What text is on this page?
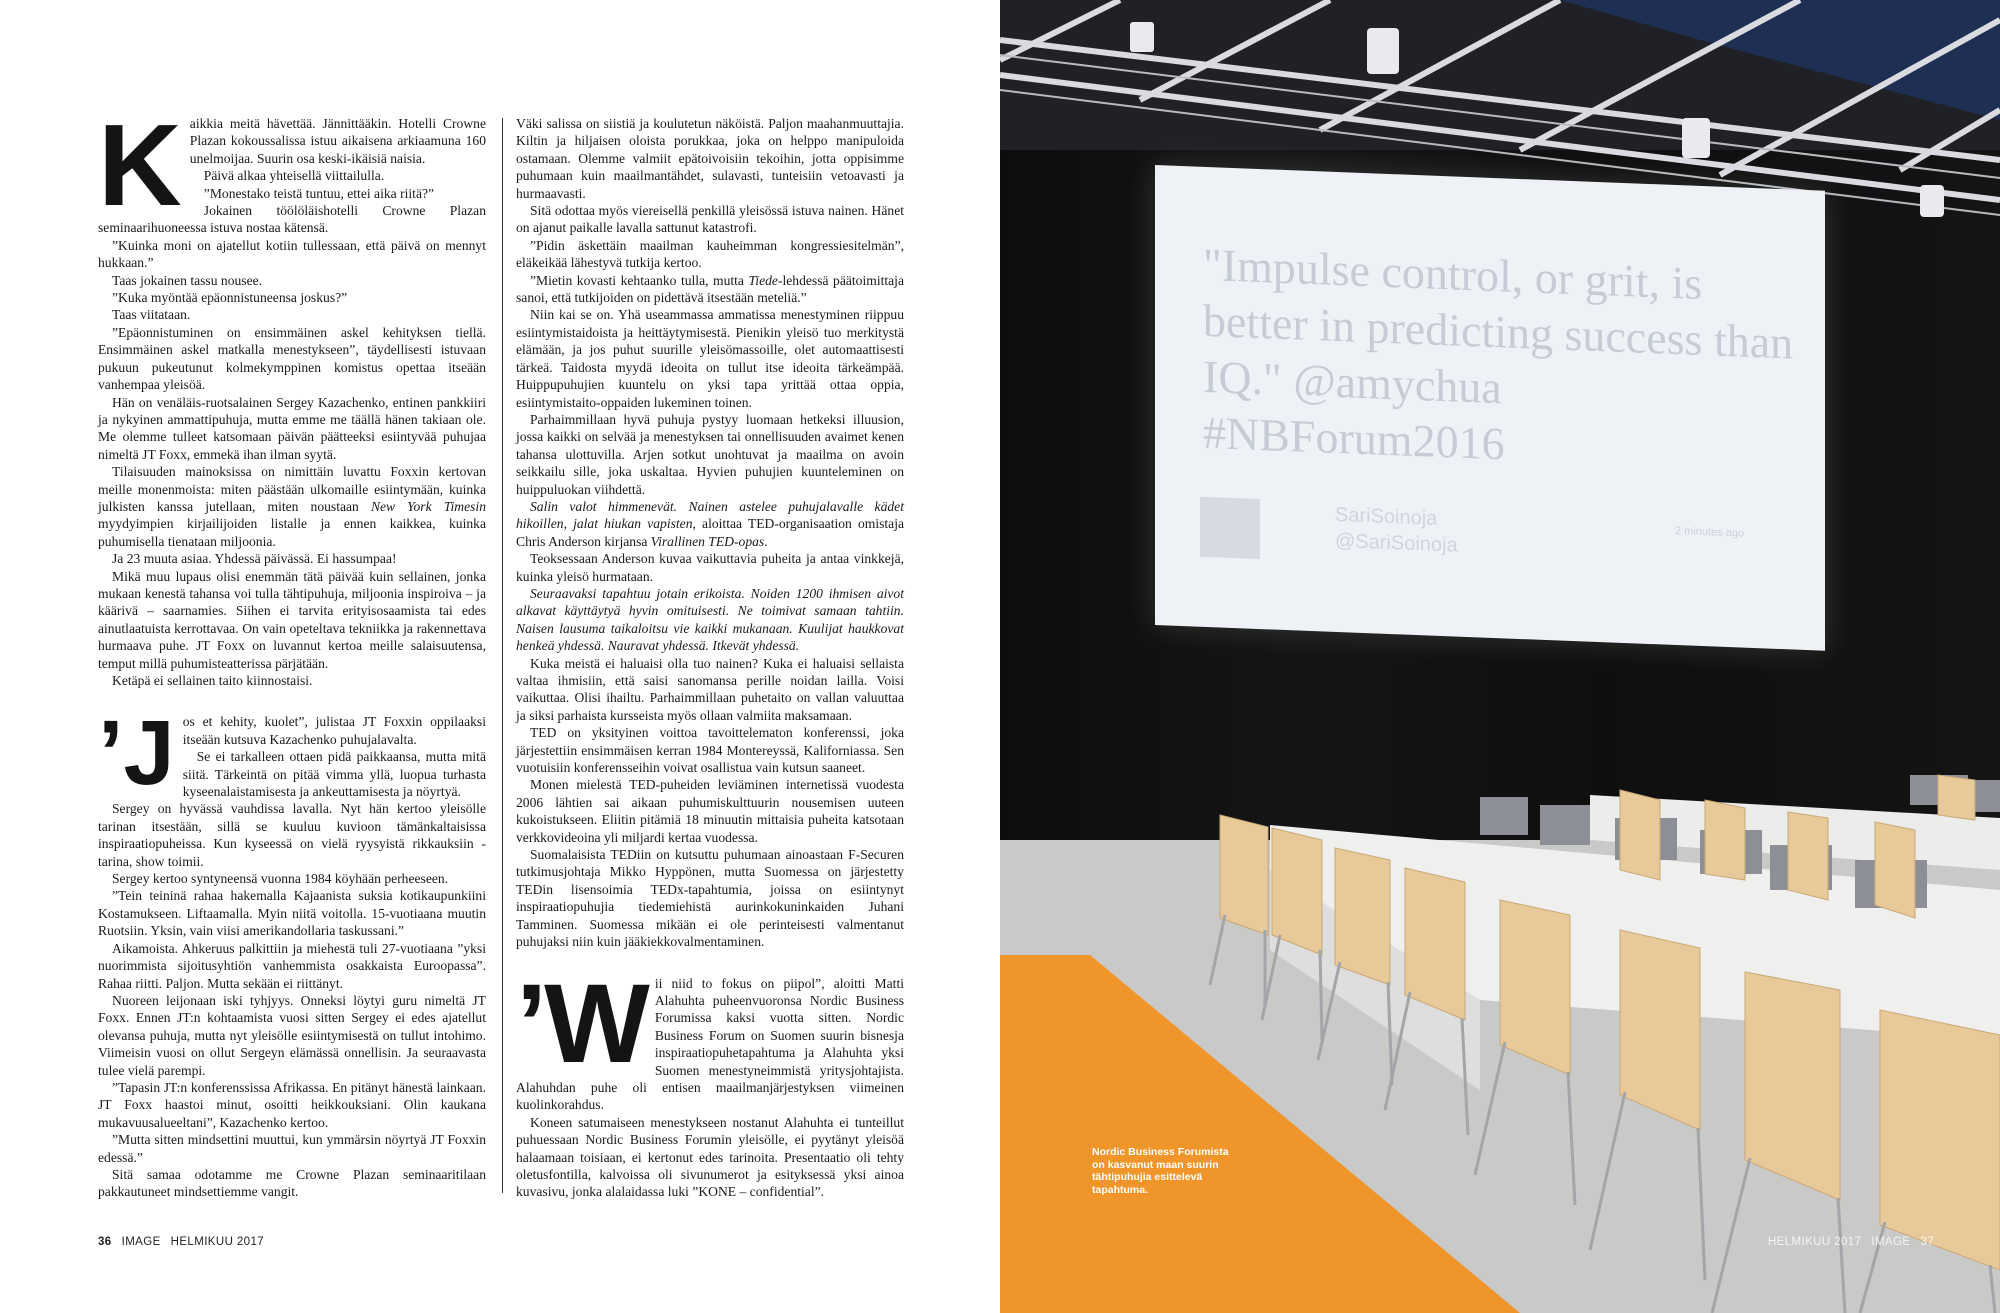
K aikkia meitä hävettää. Jännittääkin. Hotelli Crowne Plazan kokoussalissa istuu aikaisena arkiaamuna 160 unelmoijaa. Suurin osa keski-ikäisiä naisia.

Päivä alkaa yhteisellä viittailulla.

”Monestako teistä tuntuu, ettei aika riitä?”

Jokainen töölöläishotelli Crowne Plazan seminaarihuoneessa istuva nostaa kätensä.

”Kuinka moni on ajatellut kotiin tullessaan, että päivä on mennyt hukkaan.”

Taas jokainen tassu nousee.

”Kuka myöntää epäonnistuneensa joskus?”

Taas viitataan.

”Epäonnistuminen on ensimmäinen askel kehityksen tiellä. Ensimmäinen askel matkalla menestykseen”, täydellisesti istuvaan pukuun pukeutunut kolmekymppinen komistus opettaa itseään vanhempaa yleisöä.

Hän on venäläis-ruotsalainen Sergey Kazachenko, entinen pankkiiri ja nykyinen ammattipuhuja, mutta emme me täällä hänen takiaan ole. Me olemme tulleet katsomaan päivän päätteeksi esiintyvää puhujaa nimeltä JT Foxx, emmekä ihan ilman syytä.

Tilaisuuden mainoksissa on nimittäin luvattu Foxxin kertovan meille monenmoista: miten päästään ulkomaille esiintymään, kuinka julkisten kanssa jutellaan, miten noustaan New York Timesin myydyimpien kirjailijoiden listalle ja ennen kaikkea, kuinka puhumisella tienataan miljoonia.

Ja 23 muuta asiaa. Yhdessä päivässä. Ei hassumpaa!

Mikä muu lupaus olisi enemmän tätä päivää kuin sellainen, jonka mukaan kenestä tahansa voi tulla tähtipuhuja, miljoonia inspiroiva – ja käärivä – saarnamies. Siihen ei tarvita erityisosaamista tai edes ainutlaatuista kerrottavaa. On vain opeteltava tekniikka ja rakennettava hurmaava puhe. JT Foxx on luvannut kertoa meille salaisuutensa, temput millä puhumisteatterissa pärjätään.

Ketäpä ei sellainen taito kiinnostaisi.

’J os et kehity, kuolet”, julistaa JT Foxxin oppilaaksi itseään kutsuva Kazachenko puhujalavalta.

Se ei tarkalleen ottaen pidä paikkaansa, mutta mitä siitä. Tärkeintä on pitää vimma yllä, luopua turhasta kyseenalaistamisesta ja ankeuttamisesta ja nöyrtyä.

Sergey on hyvässä vauhdissa lavalla. Nyt hän kertoo yleisölle tarinan itsestään, sillä se kuuluu kuvioon tämänkaltaisissa inspiraatiopuheissa. Kun kyseessä on vielä ryysyistä rikkauksiin -tarina, show toimii.

Sergey kertoo syntyneensä vuonna 1984 köyhään perheeseen.

”Tein teininä rahaa hakemalla Kajaanista suksia kotikaupunkiini Kostamukseen. Liftaamalla. Myin niitä voitolla. 15-vuotiaana muutin Ruotsiin. Yksin, vain viisi amerikandollaria taskussani.”

Aikamoista. Ahkeruus palkittiin ja miehestä tuli 27-vuotiaana ”yksi nuorimmista sijoitusyhtiön vanhemmista osakkaista Euroopassa”. Rahaa riitti. Paljon. Mutta sekään ei riittänyt.

Nuoreen leijonaan iski tyhjyys. Onneksi löytyi guru nimeltä JT Foxx. Ennen JT:n kohtaamista vuosi sitten Sergey ei edes ajatellut olevansa puhuja, mutta nyt yleisölle esiintymisestä on tullut intohimo. Viimeisin vuosi on ollut Sergeyn elämässä onnellisin. Ja seuraavasta tulee vielä parempi.

”Tapasin JT:n konferenssissa Afrikassa. En pitänyt hänestä lainkaan. JT Foxx haastoi minut, osoitti heikkouksiani. Olin kaukana mukavuusalueeltani”, Kazachenko kertoo.

”Mutta sitten mindsettini muuttui, kun ymmärsin nöyrtyä JT Foxxin edessä.”

Sitä samaa odotamme me Crowne Plazan seminaaritilaan pakkautuneet mindsettiemme vangit.

Väki salissa on siistiä ja koulutetun näköistä. Paljon maahanmuuttajia. Kiltin ja hiljaisen oloista porukkaa, joka on helppo manipuloida ostamaan. Olemme valmiit epätoivoisiin tekoihin, jotta oppisimme puhumaan kuin maailmantähdet, sulavasti, tunteisiin vetoavasti ja hurmaavasti.

Sitä odottaa myös viereisellä penkillä yleisössä istuva nainen. Hänet on ajanut paikalle lavalla sattunut katastrofi.

”Pidin äskettäin maailman kauheimman kongressiesitelmän”, eläkeikää lähestyvä tutkija kertoo.

”Mietin kovasti kehtaanko tulla, mutta Tiede-lehdessä päätoimittaja sanoi, että tutkijoiden on pidettävä itsestään meteliä.”

Niin kai se on. Yhä useammassa ammatissa menestyminen riippuu esiintymistaidoista ja heittäytymisestä. Pienikin yleisö tuo merkitystä elämään, ja jos puhut suurille yleisömassoille, olet automaattisesti tärkeä. Taidosta myydä ideoita on tullut itse ideoita tärkeämpää. Huippupuhujien kuuntelu on yksi tapa yrittää ottaa oppia, esiintymistaito-oppaiden lukeminen toinen.

Parhaimmillaan hyvä puhuja pystyy luomaan hetkeksi illuusion, jossa kaikki on selvää ja menestyksen tai onnellisuuden avaimet kenen tahansa ulottuvilla. Arjen sotkut unohtuvat ja maailma on avoin seikkailu sille, joka uskaltaa. Hyvien puhujien kuunteleminen on huippuluokan viihdettä.

Salin valot himmenevät. Nainen astelee puhujalavalle kädet hikoillen, jalat hiukan vapisten, aloittaa TED-organisaation omistaja Chris Anderson kirjansa Virallinen TED-opas.

Teoksessaan Anderson kuvaa vaikuttavia puheita ja antaa vinkkejä, kuinka yleisö hurmataan.

Seuraavaksi tapahtuu jotain erikoista. Noiden 1200 ihmisen aivot alkavat käyttäytyä hyvin omituisesti. Ne toimivat samaan tahtiin. Naisen lausuma taikaloitsu vie kaikki mukanaan. Kuulijat haukkovat henkeä yhdessä. Nauravat yhdessä. Itkevät yhdessä.

Kuka meistä ei haluaisi olla tuo nainen? Kuka ei haluaisi sellaista valtaa ihmisiin, että saisi sanomansa perille noidan lailla. Voisi vaikuttaa. Olisi ihailtu. Parhaimmillaan puhetaito on vallan valuuttaa ja siksi parhaista kursseista myös ollaan valmiita maksamaan.

TED on yksityinen voittoa tavoittelematon konferenssi, joka järjestettiin ensimmäisen kerran 1984 Montereyssä, Kaliforniassa. Sen vuotuisiin konferensseihin voivat osallistua vain kutsun saaneet.

Monen mielestä TED-puheiden leviäminen internetissä vuodesta 2006 lähtien sai aikaan puhumiskulttuurin nousemisen uuteen kukoistukseen. Eliitin pitämiä 18 minuutin mittaisia puheita katsotaan verkkovideoina yli miljardi kertaa vuodessa.

Suomalaisista TEDiin on kutsuttu puhumaan ainoastaan F-Securen tutkimusjohtaja Mikko Hyppönen, mutta Suomessa on järjestetty TEDin lisensoimia TEDx-tapahtumia, joissa on esiintynyt inspiraatiopuhujia tiedemiehistä aurinkokuninkaiden Juhani Tamminen. Suomessa mikään ei ole perinteisesti valmentanut puhujaksi niin kuin jääkiekkovalmentaminen.

’W ii niid to fokus on piipol”, aloitti Matti Alahuhta puheenvuoronsa Nordic Business Forumissa kaksi vuotta sitten. Nordic Business Forum on Suomen suurin bisnesja inspiraatiopuhetapahtuma ja Alahuhta yksi Suomen menestyneimmistä yritysjohtajista. Alahuhdan puhe oli entisen maailmanjärjestyksen viimeinen kuolinkorahdus.

Koneen satumaiseen menestykseen nostanut Alahuhta ei tunteillut puhuessaan Nordic Business Forumin yleisölle, ei pyytänyt yleisöä halaamaan toisiaan, ei kertonut edes tarinoita. Presentaatio oli tehty oletusfontilla, kalvoissa oli sivunumerot ja esityksessä yksi ainoa kuvasivu, jonka alalaidassa luki ”KONE – confidential”.

36 IMAGE HELMIKUU 2017
"Impulse control, or grit, is better in predicting success than IQ." @amychua #NBForum2016
SariSoinoja
@SariSoinoja	2 minutes ago
Nordic Business Forumista on kasvanut maan suurin tähtipuhujia esittelevä tapahtuma.
HELMIKUU 2017 IMAGE 37
